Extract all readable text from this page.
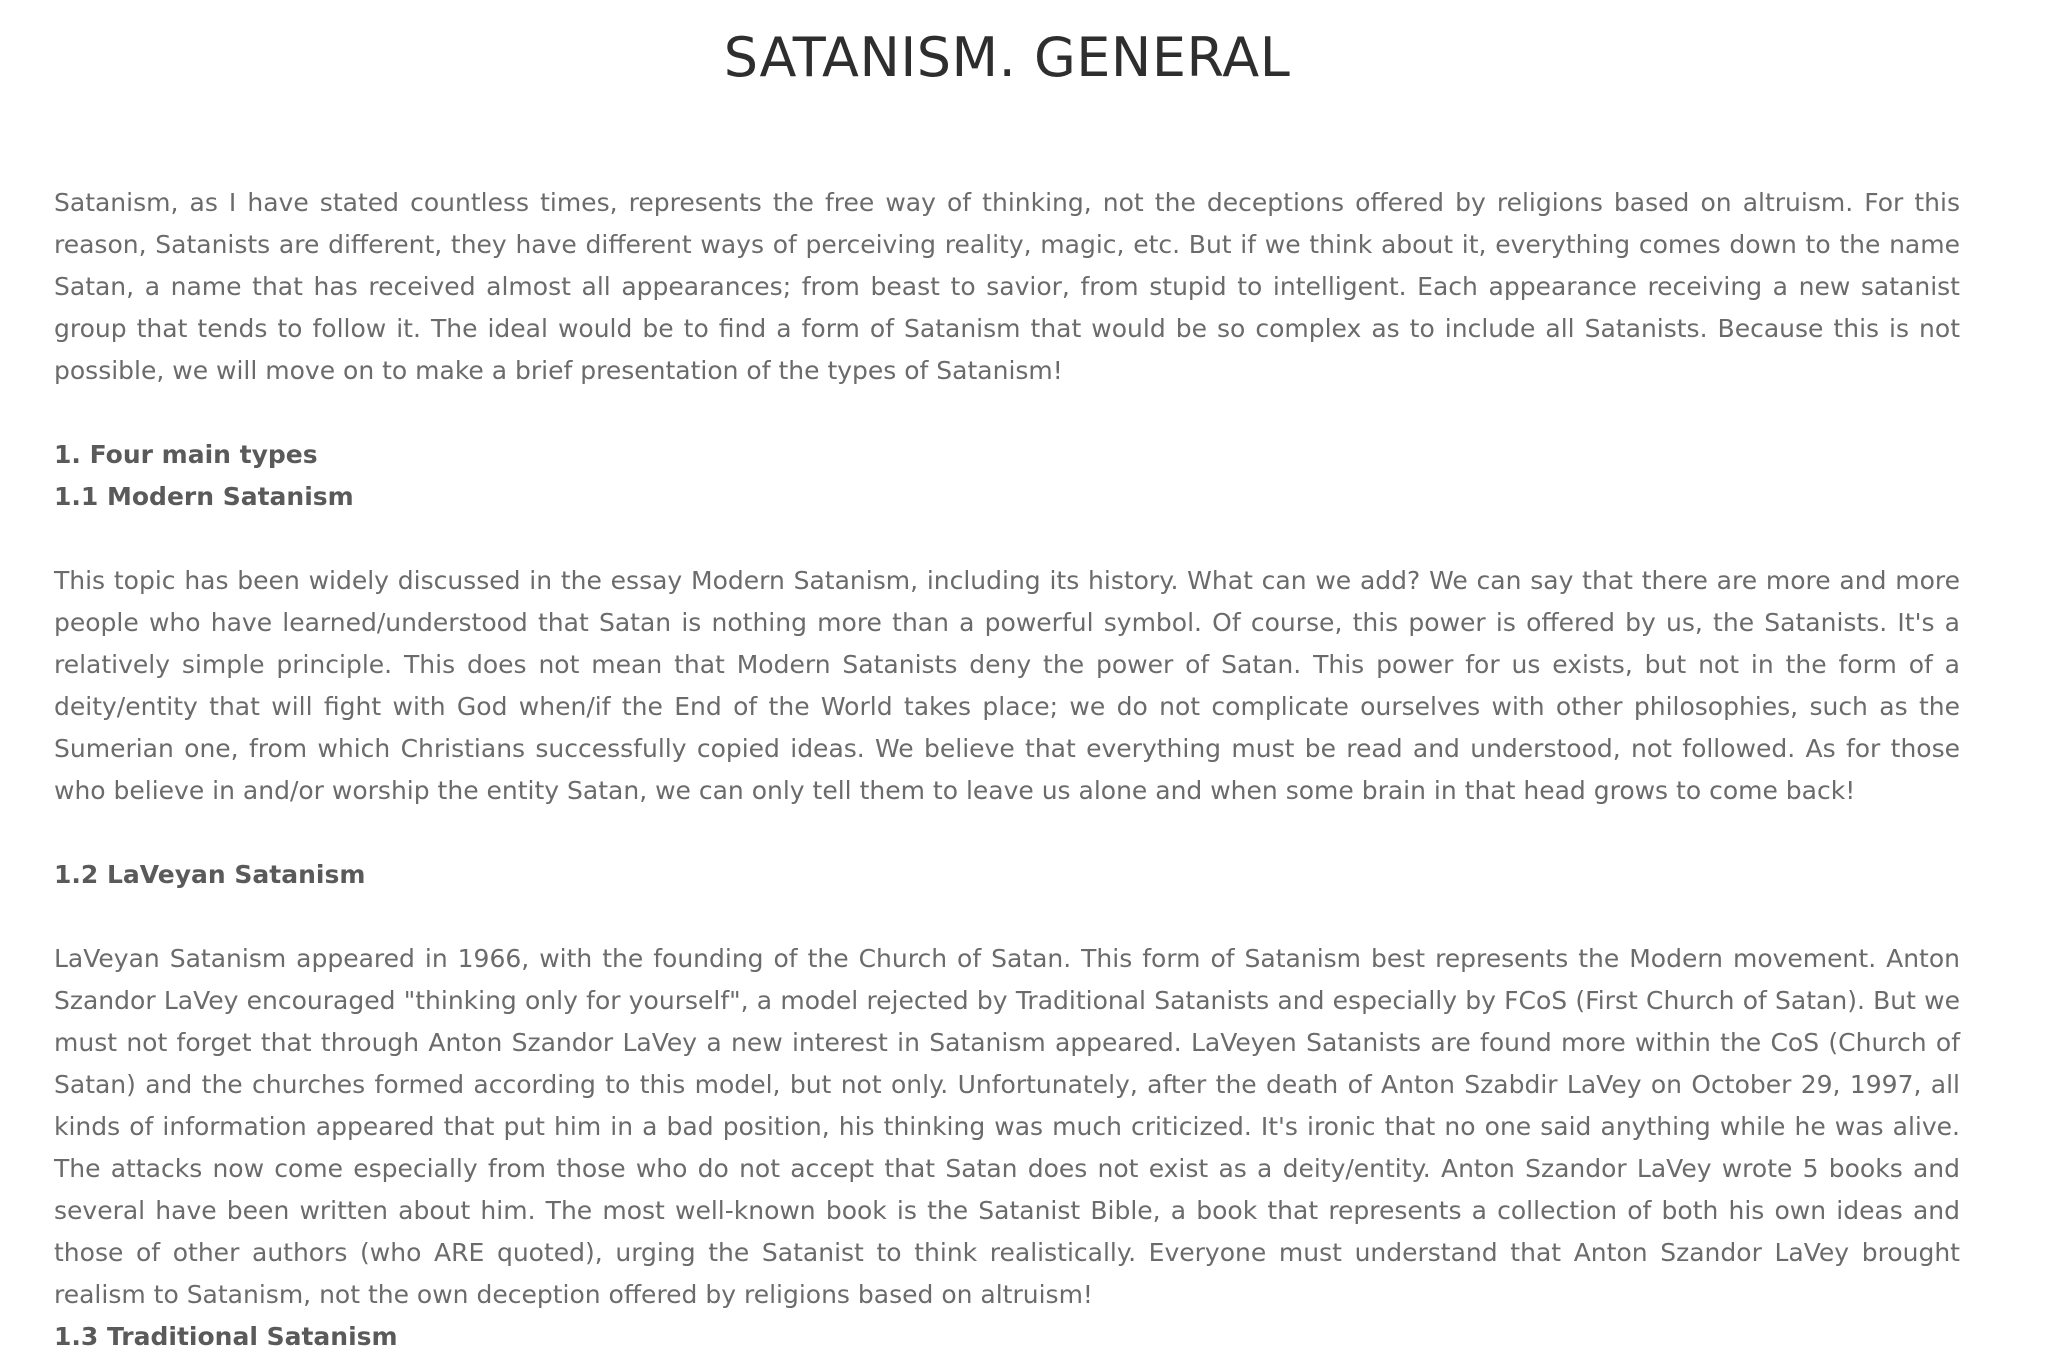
SATANISM. GENERAL

Satanism, as I have stated countless times, represents the free way of thinking, not the deceptions offered by religions based on altruism. For this reason, Satanists are different, they have different ways of perceiving reality, magic, etc. But if we think about it, everything comes down to the name Satan, a name that has received almost all appearances; from beast to savior, from stupid to intelligent. Each appearance receiving a new satanist group that tends to follow it. The ideal would be to find a form of Satanism that would be so complex as to include all Satanists. Because this is not possible, we will move on to make a brief presentation of the types of Satanism!

1. Four main types

1.1 Modern Satanism

This topic has been widely discussed in the essay Modern Satanism, including its history. What can we add? We can say that there are more and more people who have learned/understood that Satan is nothing more than a powerful symbol. Of course, this power is offered by us, the Satanists. It's a relatively simple principle. This does not mean that Modern Satanists deny the power of Satan. This power for us exists, but not in the form of a deity/entity that will fight with God when/if the End of the World takes place; we do not complicate ourselves with other philosophies, such as the Sumerian one, from which Christians successfully copied ideas. We believe that everything must be read and understood, not followed. As for those who believe in and/or worship the entity Satan, we can only tell them to leave us alone and when some brain in that head grows to come back!

1.2 LaVeyan Satanism

LaVeyan Satanism appeared in 1966, with the founding of the Church of Satan. This form of Satanism best represents the Modern movement. Anton Szandor LaVey encouraged "thinking only for yourself", a model rejected by Traditional Satanists and especially by FCoS (First Church of Satan). But we must not forget that through Anton Szandor LaVey a new interest in Satanism appeared. LaVeyen Satanists are found more within the CoS (Church of Satan) and the churches formed according to this model, but not only. Unfortunately, after the death of Anton Szabdir LaVey on October 29, 1997, all kinds of information appeared that put him in a bad position, his thinking was much criticized. It's ironic that no one said anything while he was alive. The attacks now come especially from those who do not accept that Satan does not exist as a deity/entity. Anton Szandor LaVey wrote 5 books and several have been written about him. The most well-known book is the Satanist Bible, a book that represents a collection of both his own ideas and those of other authors (who ARE quoted), urging the Satanist to think realistically. Everyone must understand that Anton Szandor LaVey brought realism to Satanism, not the own deception offered by religions based on altruism!

1.3 Traditional Satanism
